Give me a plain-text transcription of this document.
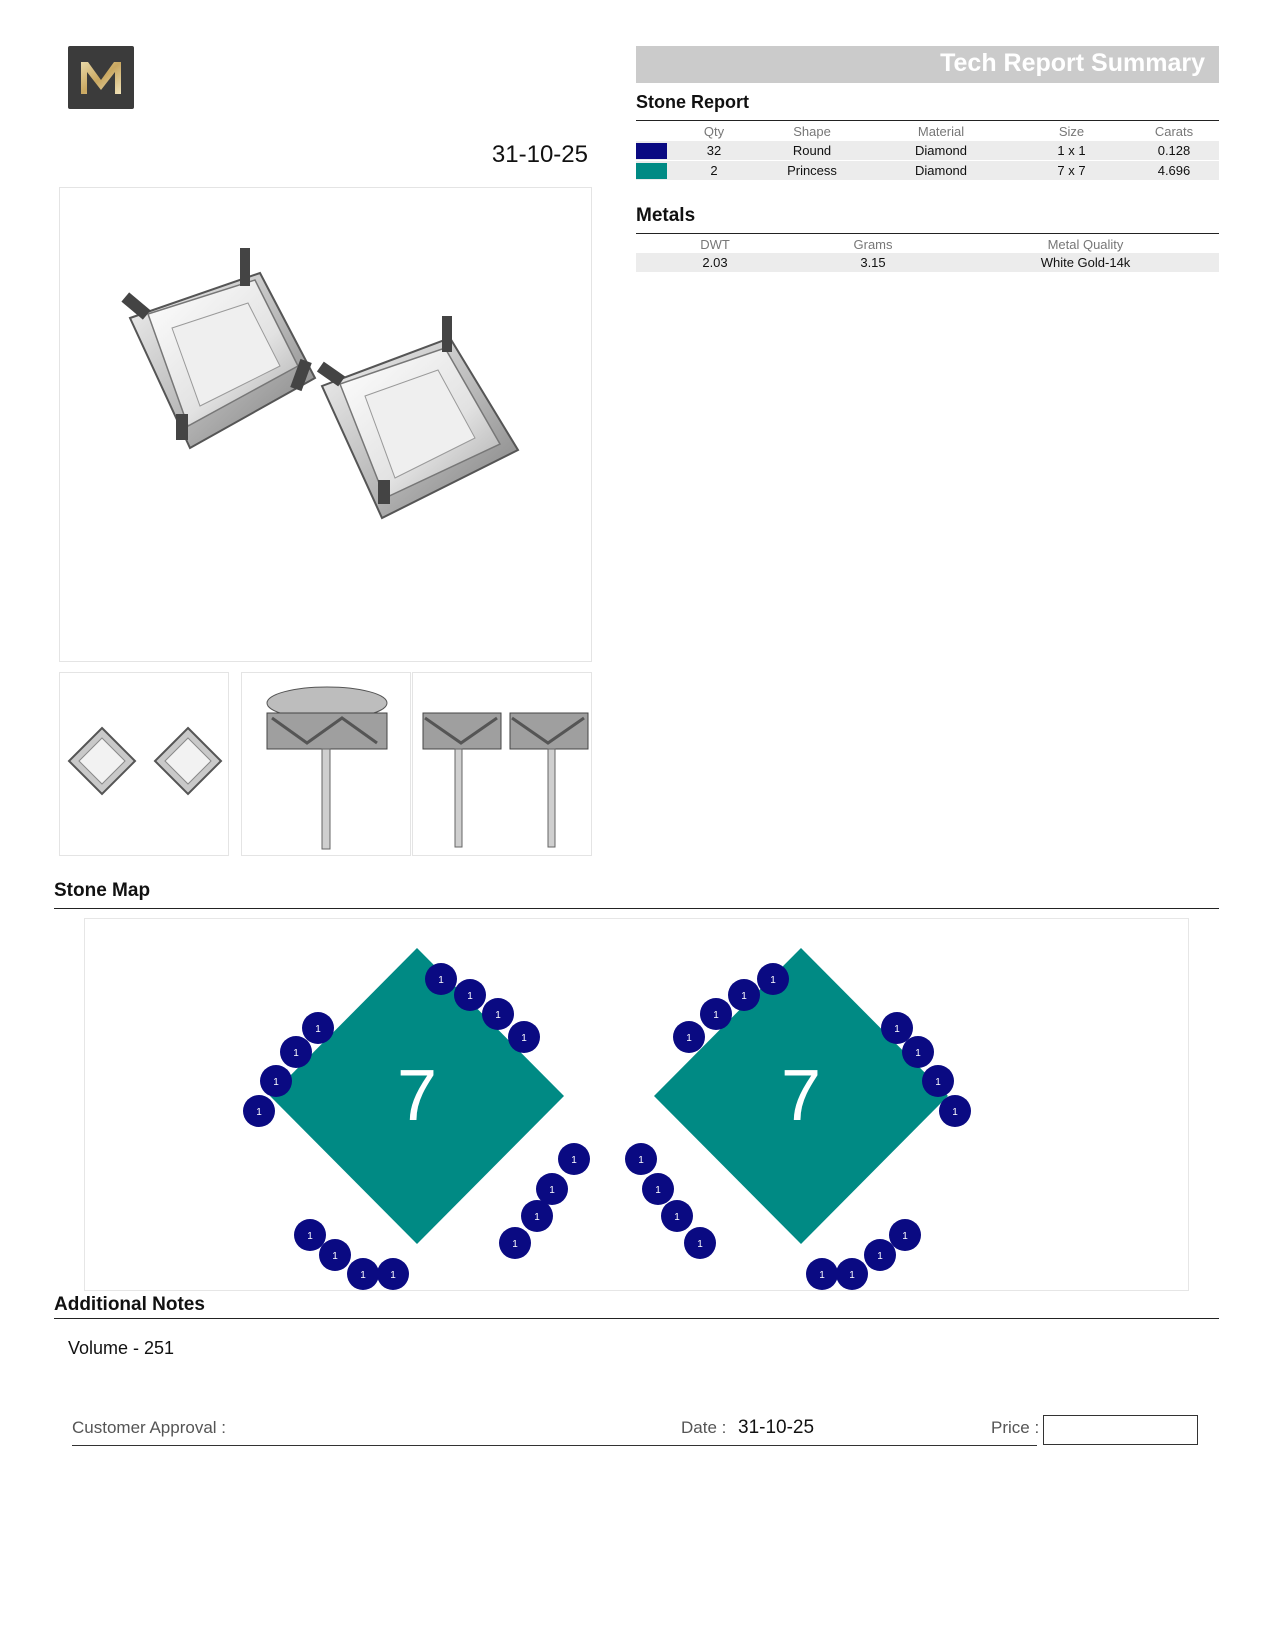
31-10-25
Tech Report Summary
Stone Report
	Qty	Shape	Material	Size	Carats
	32	Round	Diamond	1 x 1	0.128
	2	Princess	Diamond	7 x 7	4.696
Metals
DWT	Grams	Metal Quality
2.03	3.15	White Gold-14k
Stone Map
7	7
1
1
1
1
1
1
1
1
1
1
1
1
1
1
1 1
1
1
1
1
1
1
1
1
1
1
1
1
1
1
1
1
Additional Notes
Volume - 251
Customer Approval :	Date : 31-10-25	Price :
